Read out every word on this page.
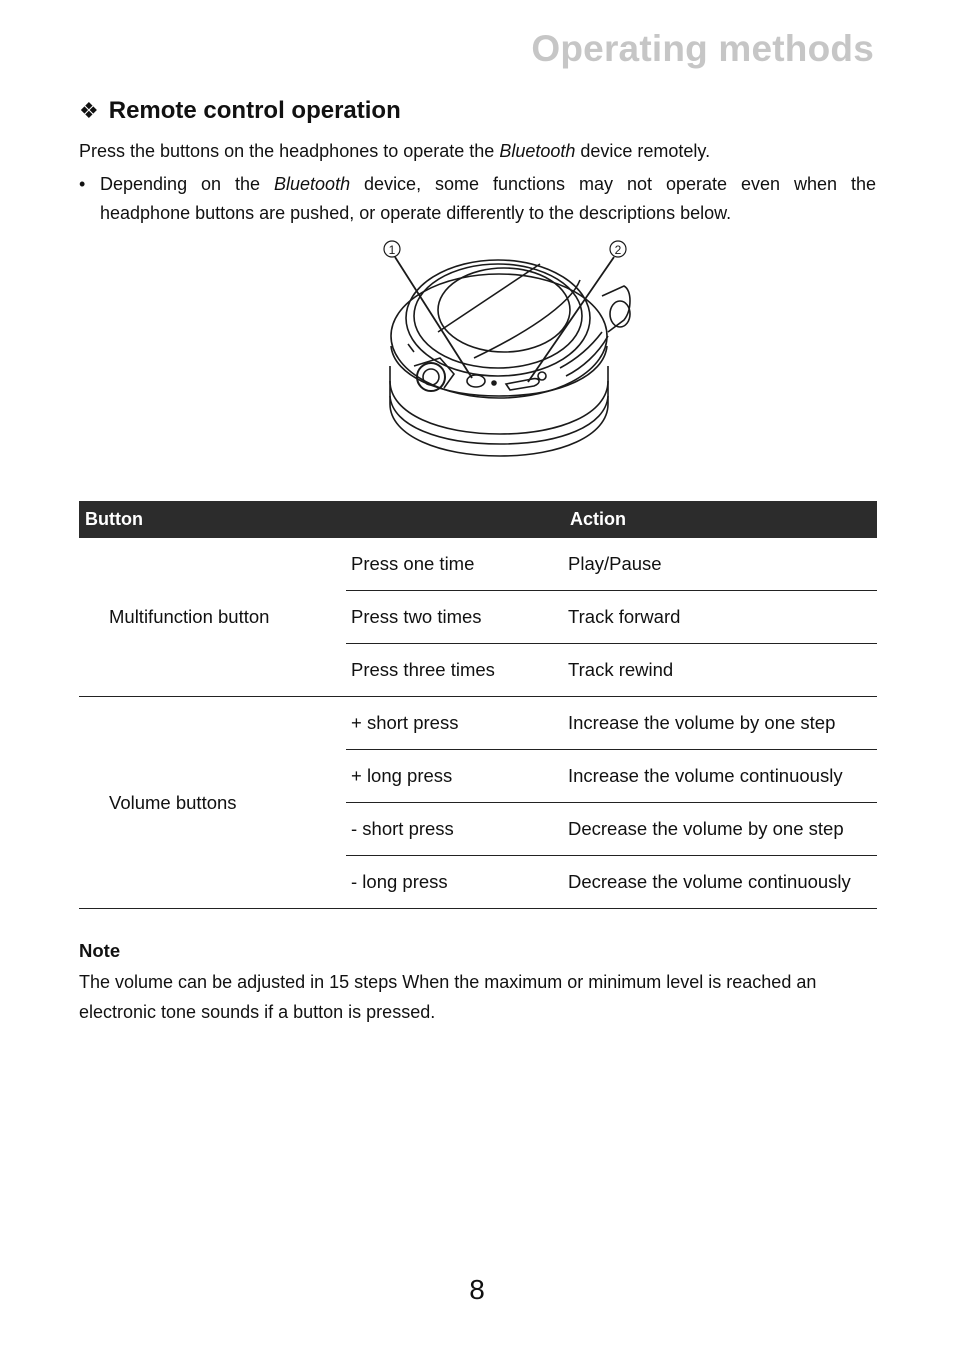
Operating methods
❖ Remote control operation
Press the buttons on the headphones to operate the Bluetooth device remotely.
• Depending on the Bluetooth device, some functions may not operate even when the
headphone buttons are pushed, or operate differently to the descriptions below.
1	2
Button		Action
Multifunction button	Press one time	Play/Pause
	Press two times	Track forward
	Press three times	Track rewind
Volume buttons	+ short press	Increase the volume by one step
	+ long press	Increase the volume continuously
	- short press	Decrease the volume by one step
	- long press	Decrease the volume continuously
Note
The volume can be adjusted in 15 steps When the maximum or minimum level is reached an electronic tone sounds if a button is pressed.
8
